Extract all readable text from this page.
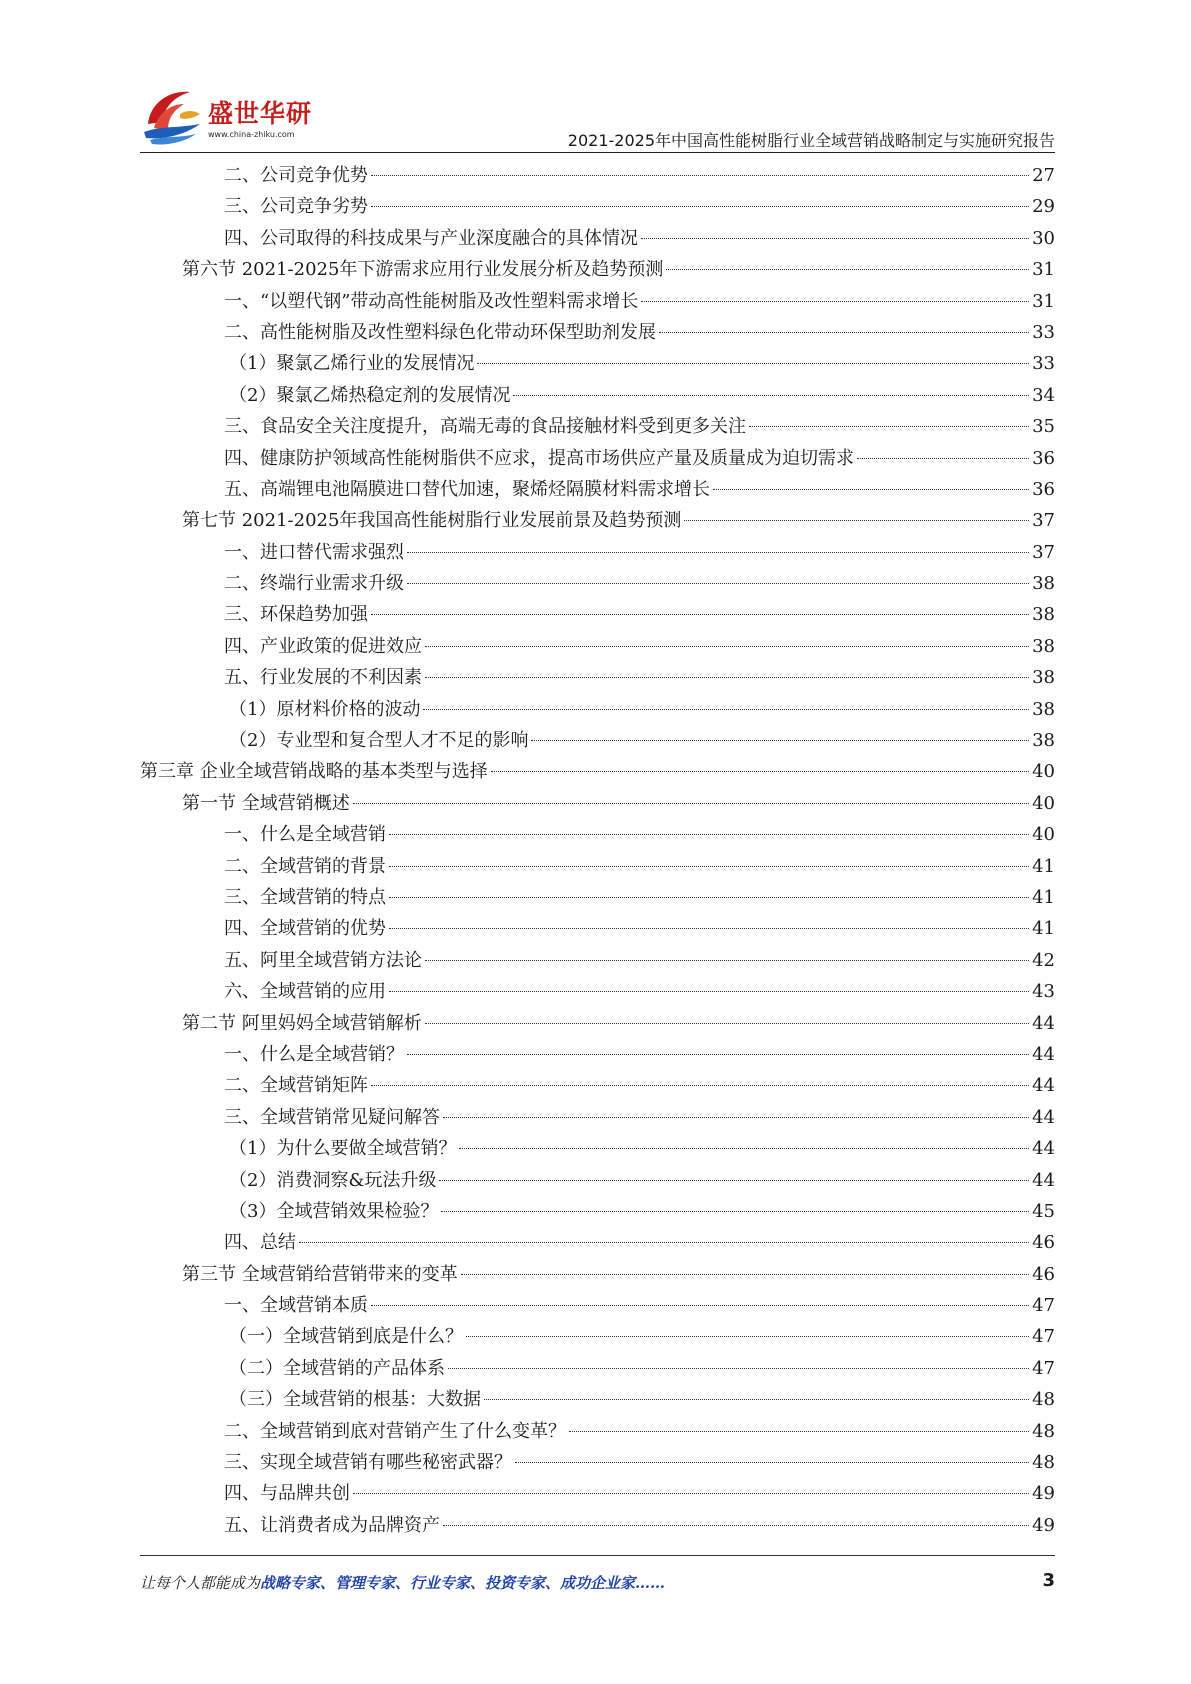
盛世华研
www.china-zhiku.com	2021-2025年中国高性能树脂行业全域营销战略制定与实施研究报告
二、公司竞争优势	27
三、公司竞争劣势	29
四、公司取得的科技成果与产业深度融合的具体情况	30
第六节 2021-2025年下游需求应用行业发展分析及趋势预测	31
一、“以塑代钢”带动高性能树脂及改性塑料需求增长	31
二、高性能树脂及改性塑料绿色化带动环保型助剂发展	33
（1）聚氯乙烯行业的发展情况	33
（2）聚氯乙烯热稳定剂的发展情况	34
三、食品安全关注度提升，高端无毒的食品接触材料受到更多关注	35
四、健康防护领域高性能树脂供不应求，提高市场供应产量及质量成为迫切需求	36
五、高端锂电池隔膜进口替代加速，聚烯烃隔膜材料需求增长	36
第七节 2021-2025年我国高性能树脂行业发展前景及趋势预测	37
一、进口替代需求强烈	37
二、终端行业需求升级	38
三、环保趋势加强	38
四、产业政策的促进效应	38
五、行业发展的不利因素	38
（1）原材料价格的波动	38
（2）专业型和复合型人才不足的影响	38
第三章 企业全域营销战略的基本类型与选择	40
第一节 全域营销概述	40
一、什么是全域营销	40
二、全域营销的背景	41
三、全域营销的特点	41
四、全域营销的优势	41
五、阿里全域营销方法论	42
六、全域营销的应用	43
第二节 阿里妈妈全域营销解析	44
一、什么是全域营销？	44
二、全域营销矩阵	44
三、全域营销常见疑问解答	44
（1）为什么要做全域营销？	44
（2）消费洞察&玩法升级	44
（3）全域营销效果检验？	45
四、总结	46
第三节 全域营销给营销带来的变革	46
一、全域营销本质	47
（一）全域营销到底是什么？	47
（二）全域营销的产品体系	47
（三）全域营销的根基：大数据	48
二、全域营销到底对营销产生了什么变革？	48
三、实现全域营销有哪些秘密武器？	48
四、与品牌共创	49
五、让消费者成为品牌资产	49
让每个人都能成为战略专家、管理专家、行业专家、投资专家、成功企业家……	3
